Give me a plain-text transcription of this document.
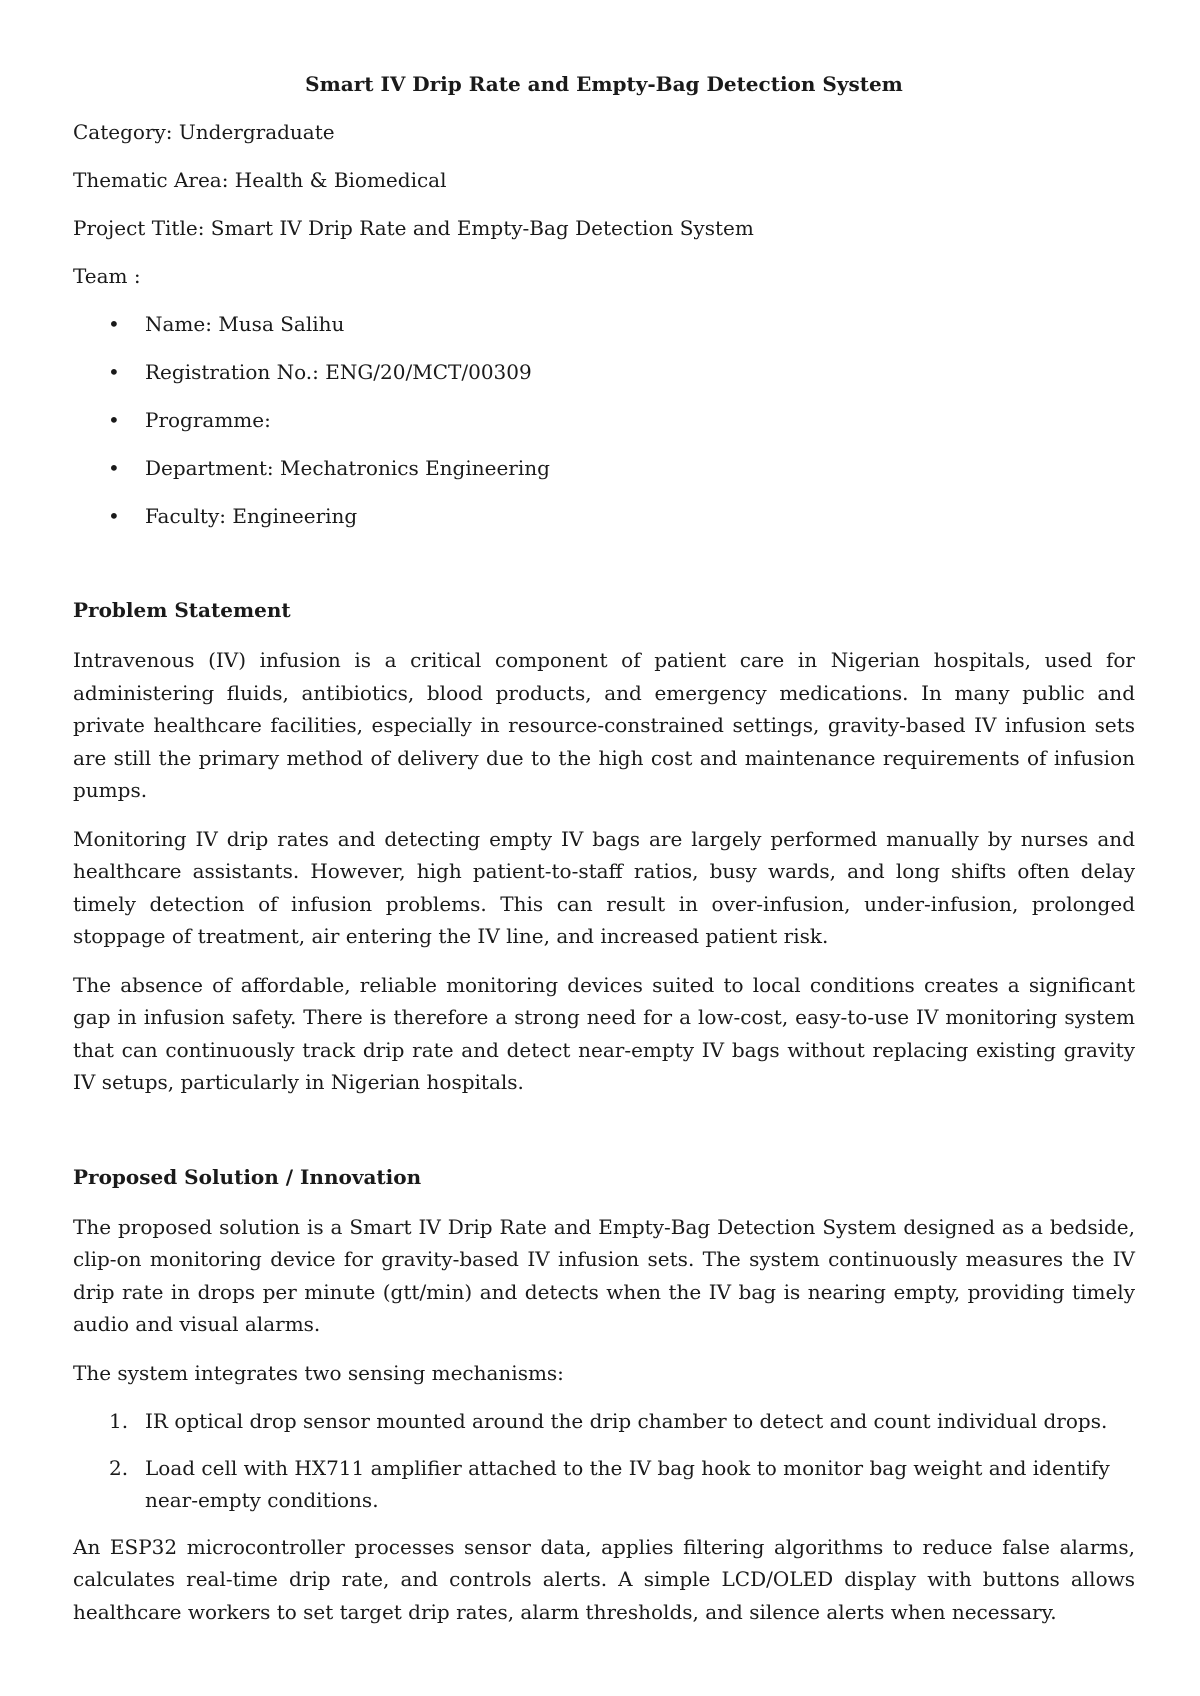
Smart IV Drip Rate and Empty-Bag Detection System
Category: Undergraduate
Thematic Area: Health & Biomedical
Project Title: Smart IV Drip Rate and Empty-Bag Detection System
Team :
• Name: Musa Salihu
• Registration No.: ENG/20/MCT/00309
• Programme:
• Department: Mechatronics Engineering
• Faculty: Engineering
Problem Statement

Intravenous (IV) infusion is a critical component of patient care in Nigerian hospitals, used for administering fluids, antibiotics, blood products, and emergency medications. In many public and private healthcare facilities, especially in resource-constrained settings, gravity-based IV infusion sets are still the primary method of delivery due to the high cost and maintenance requirements of infusion pumps.

Monitoring IV drip rates and detecting empty IV bags are largely performed manually by nurses and healthcare assistants. However, high patient-to-staff ratios, busy wards, and long shifts often delay timely detection of infusion problems. This can result in over-infusion, under-infusion, prolonged stoppage of treatment, air entering the IV line, and increased patient risk.

The absence of affordable, reliable monitoring devices suited to local conditions creates a significant gap in infusion safety. There is therefore a strong need for a low-cost, easy-to-use IV monitoring system that can continuously track drip rate and detect near-empty IV bags without replacing existing gravity IV setups, particularly in Nigerian hospitals.

Proposed Solution / Innovation

The proposed solution is a Smart IV Drip Rate and Empty-Bag Detection System designed as a bedside, clip-on monitoring device for gravity-based IV infusion sets. The system continuously measures the IV drip rate in drops per minute (gtt/min) and detects when the IV bag is nearing empty, providing timely audio and visual alarms.

The system integrates two sensing mechanisms:

1. IR optical drop sensor mounted around the drip chamber to detect and count individual drops.
2. Load cell with HX711 amplifier attached to the IV bag hook to monitor bag weight and identify near-empty conditions.

An ESP32 microcontroller processes sensor data, applies filtering algorithms to reduce false alarms, calculates real-time drip rate, and controls alerts. A simple LCD/OLED display with buttons allows healthcare workers to set target drip rates, alarm thresholds, and silence alerts when necessary.
